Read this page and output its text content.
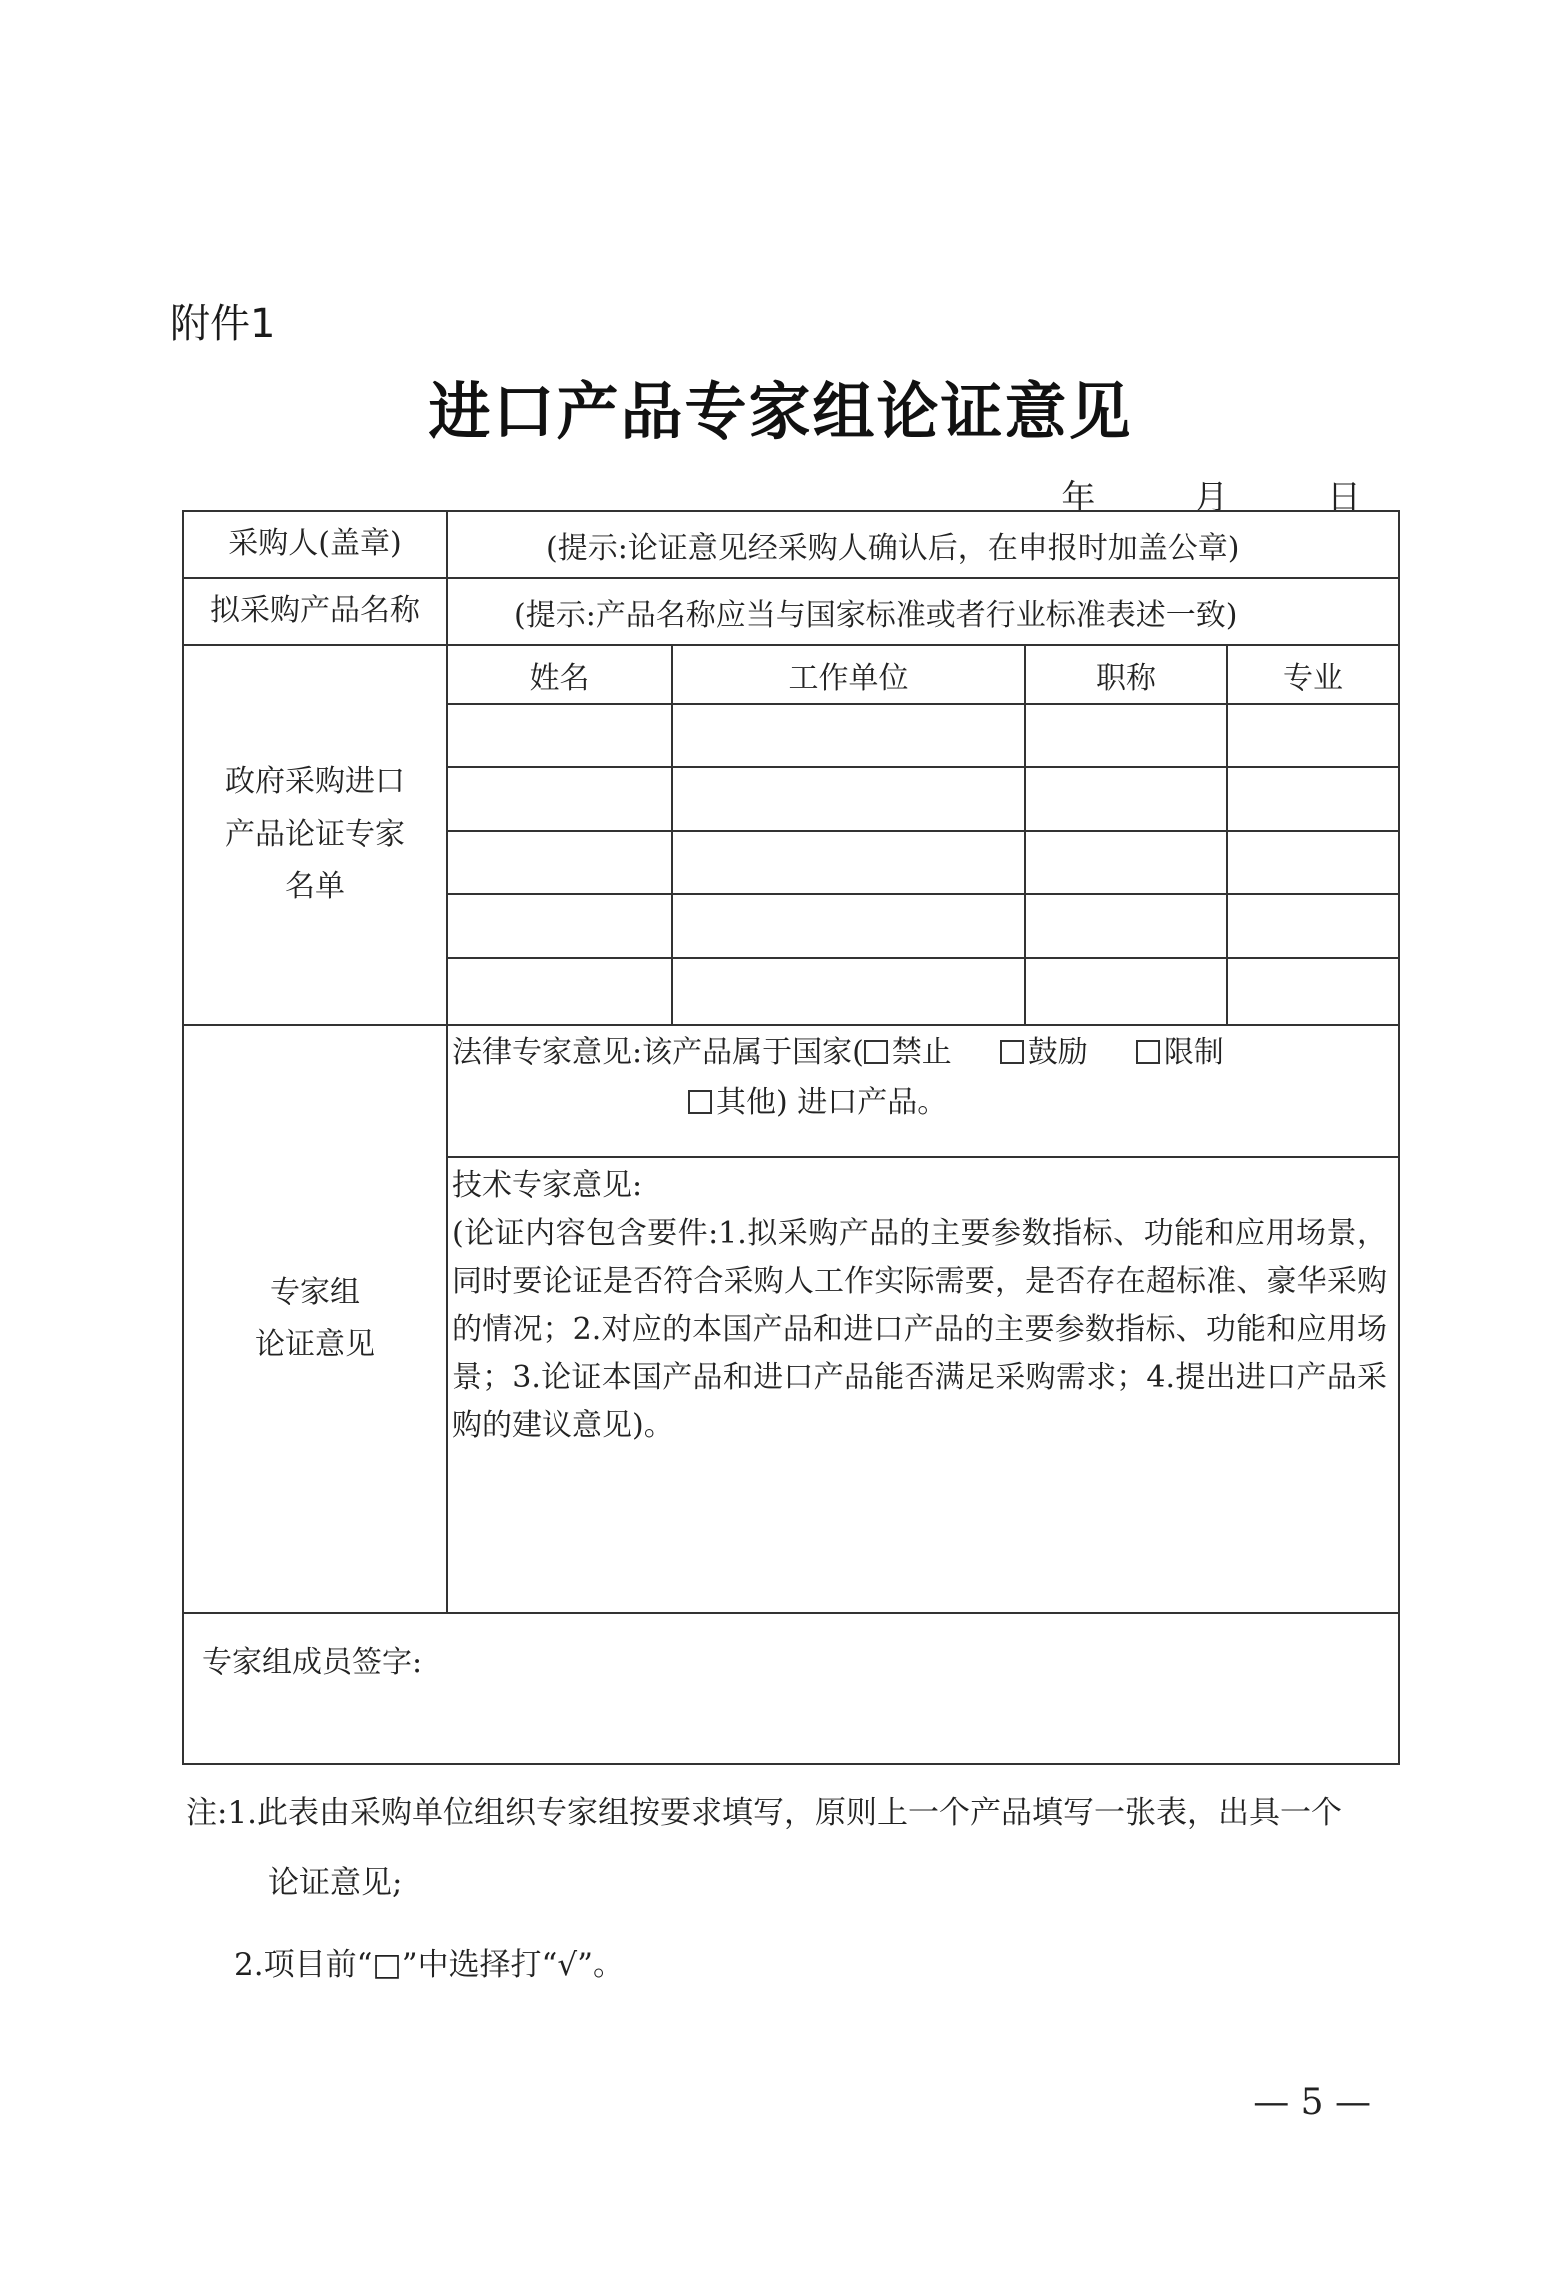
附件1
进口产品专家组论证意见
年	月	日
采购人(盖章)	(提示:论证意见经采购人确认后，在申报时加盖公章)
拟采购产品名称	(提示:产品名称应当与国家标准或者行业标准表述一致)
政府采购进口
产品论证专家
名单
姓名	工作单位	职称	专业
专家组
论证意见
法律专家意见:该产品属于国家( 禁止	鼓励	限制
其他) 进口产品。
技术专家意见:
(论证内容包含要件:1.拟采购产品的主要参数指标、功能和应用场景，同时要论证是否符合采购人工作实际需要，是否存在超标准、豪华采购的情况；2.对应的本国产品和进口产品的主要参数指标、功能和应用场景；3.论证本国产品和进口产品能否满足采购需求；4.提出进口产品采购的建议意见)。
专家组成员签字:
注:1.此表由采购单位组织专家组按要求填写，原则上一个产品填写一张表，出具一个
论证意见;
2.项目前“□”中选择打“√”。
— 5 —
